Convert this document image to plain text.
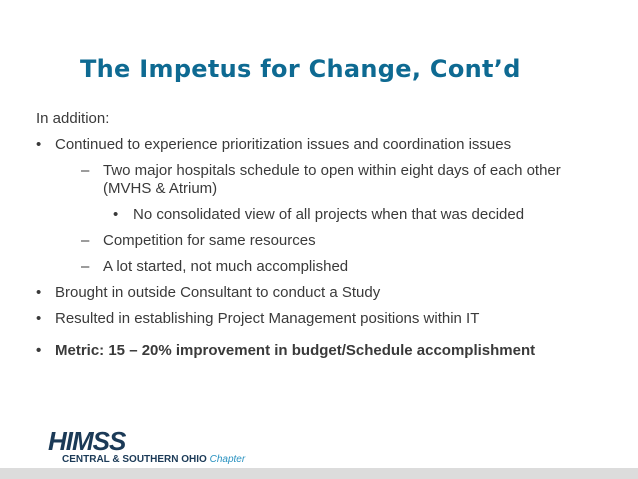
The Impetus for Change, Cont’d

In addition:

• Continued to experience prioritization issues and coordination issues

– Two major hospitals schedule to open within eight days of each other (MVHS & Atrium)

• No consolidated view of all projects when that was decided

– Competition for same resources

– A lot started, not much accomplished

• Brought in outside Consultant to conduct a Study

• Resulted in establishing Project Management positions within IT

• Metric: 15 – 20% improvement in budget/Schedule accomplishment

HIMSS
CENTRAL & SOUTHERN OHIO Chapter
